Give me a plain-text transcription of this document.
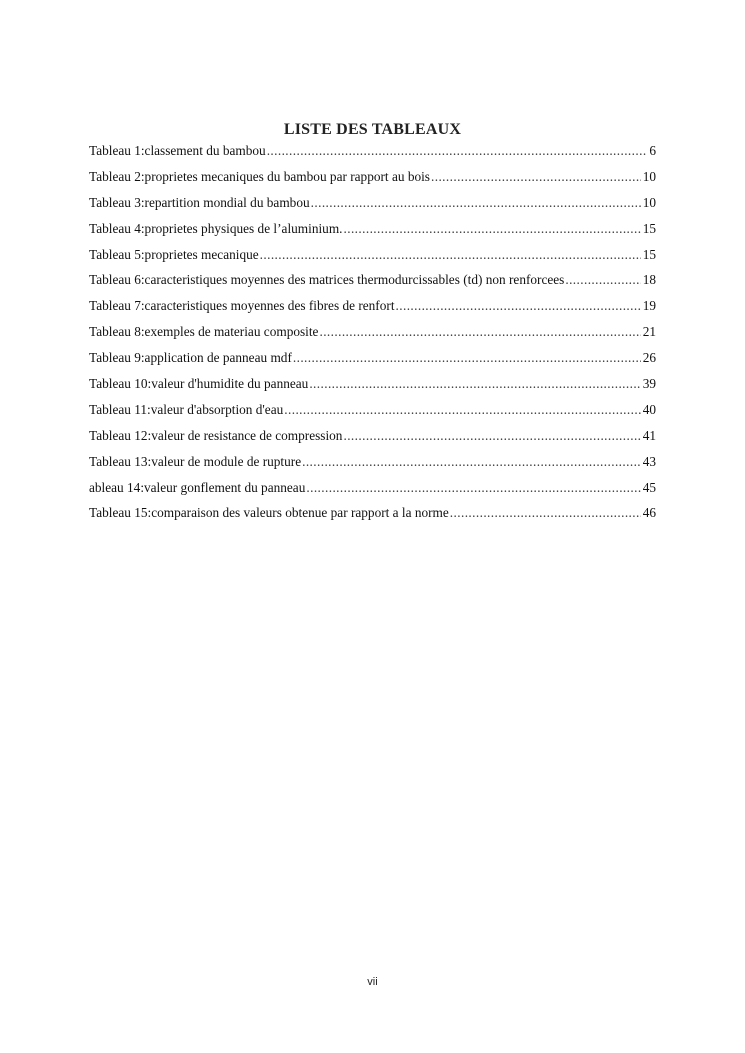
LISTE DES TABLEAUX
Tableau 1:classement du bambou .....	6
Tableau 2:proprietes mecaniques du bambou par rapport au bois .....	10
Tableau 3:repartition mondial du bambou .....	10
Tableau 4:proprietes physiques de l’aluminium. .....	15
Tableau 5:proprietes mecanique .....	15
Tableau 6:caracteristiques moyennes des matrices thermodurcissables (td) non renforcees .....	18
Tableau 7:caracteristiques moyennes des fibres de renfort .....	19
Tableau 8:exemples de materiau composite .....	21
Tableau 9:application de panneau mdf .....	26
Tableau 10:valeur d'humidite du panneau .....	39
Tableau 11:valeur d'absorption d'eau .....	40
Tableau 12:valeur de resistance de compression .....	41
Tableau 13:valeur de module de rupture .....	43
ableau 14:valeur gonflement du panneau .....	45
Tableau 15:comparaison des valeurs obtenue par rapport a la norme .....	46
vii
